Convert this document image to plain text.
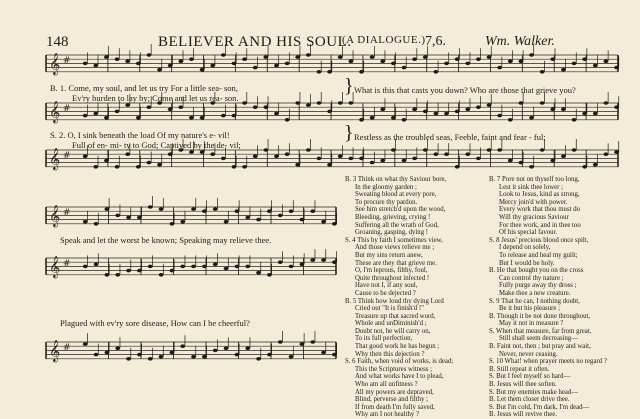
148	BELIEVER AND HIS SOUL.
(A DIALOGUE.) 7,6.	Wm. Walker.
𝄞 #
𝄞 #
𝄞 #
𝄞 #
𝄞 #
𝄞 #
B. 1. Come, my soul, and let us try For a little sea- son,
Ev'ry burden to lay by; Come and let us rea- son.
What is this that casts you down? Who are those that grieve you?
S. 2. O, I sink beneath the load Of my nature's e- vil!
Full of en- mi- ty to God; Captived by the de- vil;
Restless as the troubled seas, Feeble, faint and fear - ful;
}
}
Speak and let the worst be known; Speaking may relieve thee.
Plagued with ev'ry sore disease, How can I be cheerful?
B. 3 Think on what thy Saviour bore,
In the gloomy garden ;
Sweating blood at every pore,
To procure thy pardon.
See him stretch'd upon the wood,
Bleeding, grieving, crying !
Suffering all the wrath of God,
Groaning, gasping, dying !
S. 4 This by faith I sometimes view,
And those views relieve me ;
But my sins return anew,
These are they that grieve me.
O, I'm leprous, filthy, foul,
Quite throughout infected !
Have not I, if any soul,
Cause to be dejected ?
B. 5 Think how loud thy dying Lord
Cried out "It is finish'd !"
Treasure up that sacred word,
Whole and unDiminish'd ;
Doubt not, he will carry on,
To its full perfection,
That good work he has begun ;
Why then this dejection ?
S. 6 Faith, when void of works, is dead;
This the Scriptures witness ;
And what works have I to plead,
Who am all unfitness ?
All my powers are depraved,
Blind, perverse and filthy ;
If from death I'm fully saved,
Why am I not healthy ?
B. 7 Pore not on thyself too long,
Lest it sink thee lower ;
Look to Jesus, kind as strong,
Mercy join'd with power.
Every work that thou must do
Will thy gracious Saviour
For thee work, and in thee too
Of his special favour.
S. 8 Jesus' precious blood once spilt,
I depend on solely,
To release and heal my guilt;
But I would be holy.
B. He that bought you on the cross
Can control thy nature ;
Fully purge away thy dross ;
Make thee a new creature.
S. 9 That he can, I nothing doubt,
Be it but his pleasure ;
B. Though it be not done throughout,
May it not in measure ?
S. When that measure, far from great,
Still shall seem decreasing—
B. Faint not, then ; but pray and wait,
Never, never ceasing.
S. 10 What! when prayer meets no regard ?
B. Still repeat it often.
S. But I feel myself so hard—
B. Jesus will thee soften.
S. But my enemies make head—
B. Let them closer drive thee.
S. But I'm cold, I'm dark, I'm dead—
B. Jesus will revive thee.
